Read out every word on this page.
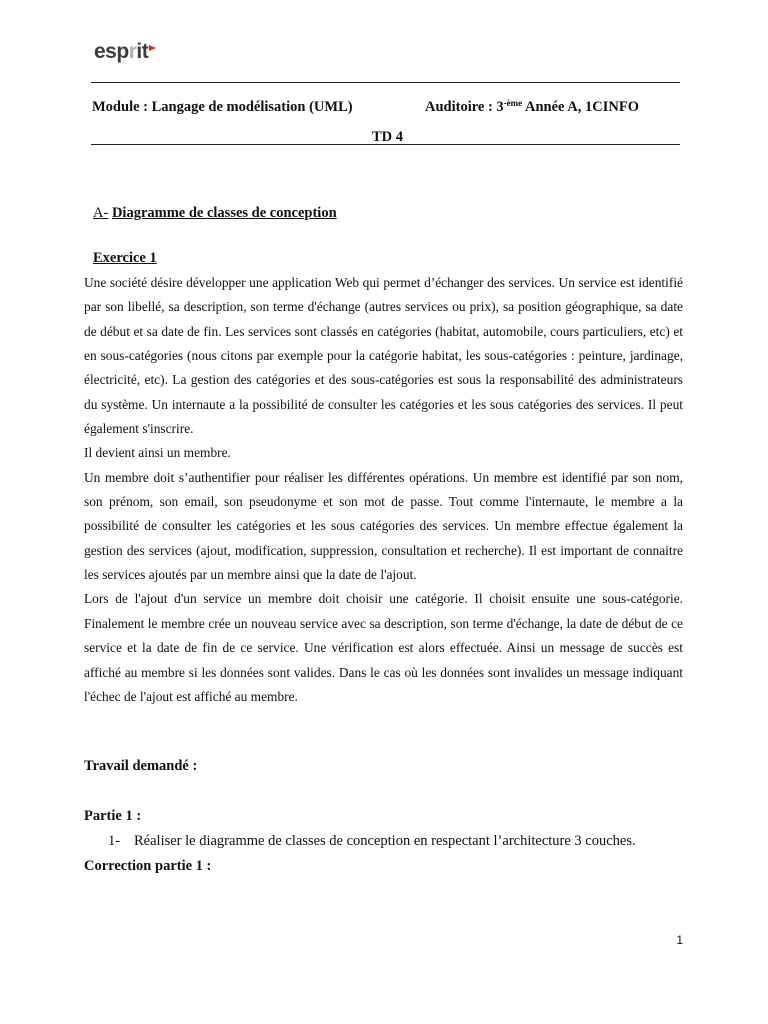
esprit
Module : Langage de modélisation (UML)	Auditoire : $3^{-ème}$ Année A, 1CINFO
TD 4
A- Diagramme de classes de conception
Exercice 1

Une société désire développer une application Web qui permet d’échanger des services. Un service est identifié par son libellé, sa description, son terme d'échange (autres services ou prix), sa position géographique, sa date de début et sa date de fin. Les services sont classés en catégories (habitat, automobile, cours particuliers, etc) et en sous-catégories (nous citons par exemple pour la catégorie habitat, les sous-catégories : peinture, jardinage, électricité, etc). La gestion des catégories et des sous-catégories est sous la responsabilité des administrateurs du système. Un internaute a la possibilité de consulter les catégories et les sous catégories des services. Il peut également s'inscrire.

Il devient ainsi un membre.

Un membre doit s’authentifier pour réaliser les différentes opérations. Un membre est identifié par son nom, son prénom, son email, son pseudonyme et son mot de passe. Tout comme l'internaute, le membre a la possibilité de consulter les catégories et les sous catégories des services. Un membre effectue également la gestion des services (ajout, modification, suppression, consultation et recherche). Il est important de connaitre les services ajoutés par un membre ainsi que la date de l'ajout.

Lors de l'ajout d'un service un membre doit choisir une catégorie. Il choisit ensuite une sous-catégorie. Finalement le membre crée un nouveau service avec sa description, son terme d'échange, la date de début de ce service et la date de fin de ce service. Une vérification est alors effectuée. Ainsi un message de succès est affiché au membre si les données sont valides. Dans le cas où les données sont invalides un message indiquant l'échec de l'ajout est affiché au membre.

Travail demandé :
Partie 1 :
1- Réaliser le diagramme de classes de conception en respectant l’architecture 3 couches.
Correction partie 1 :
1
